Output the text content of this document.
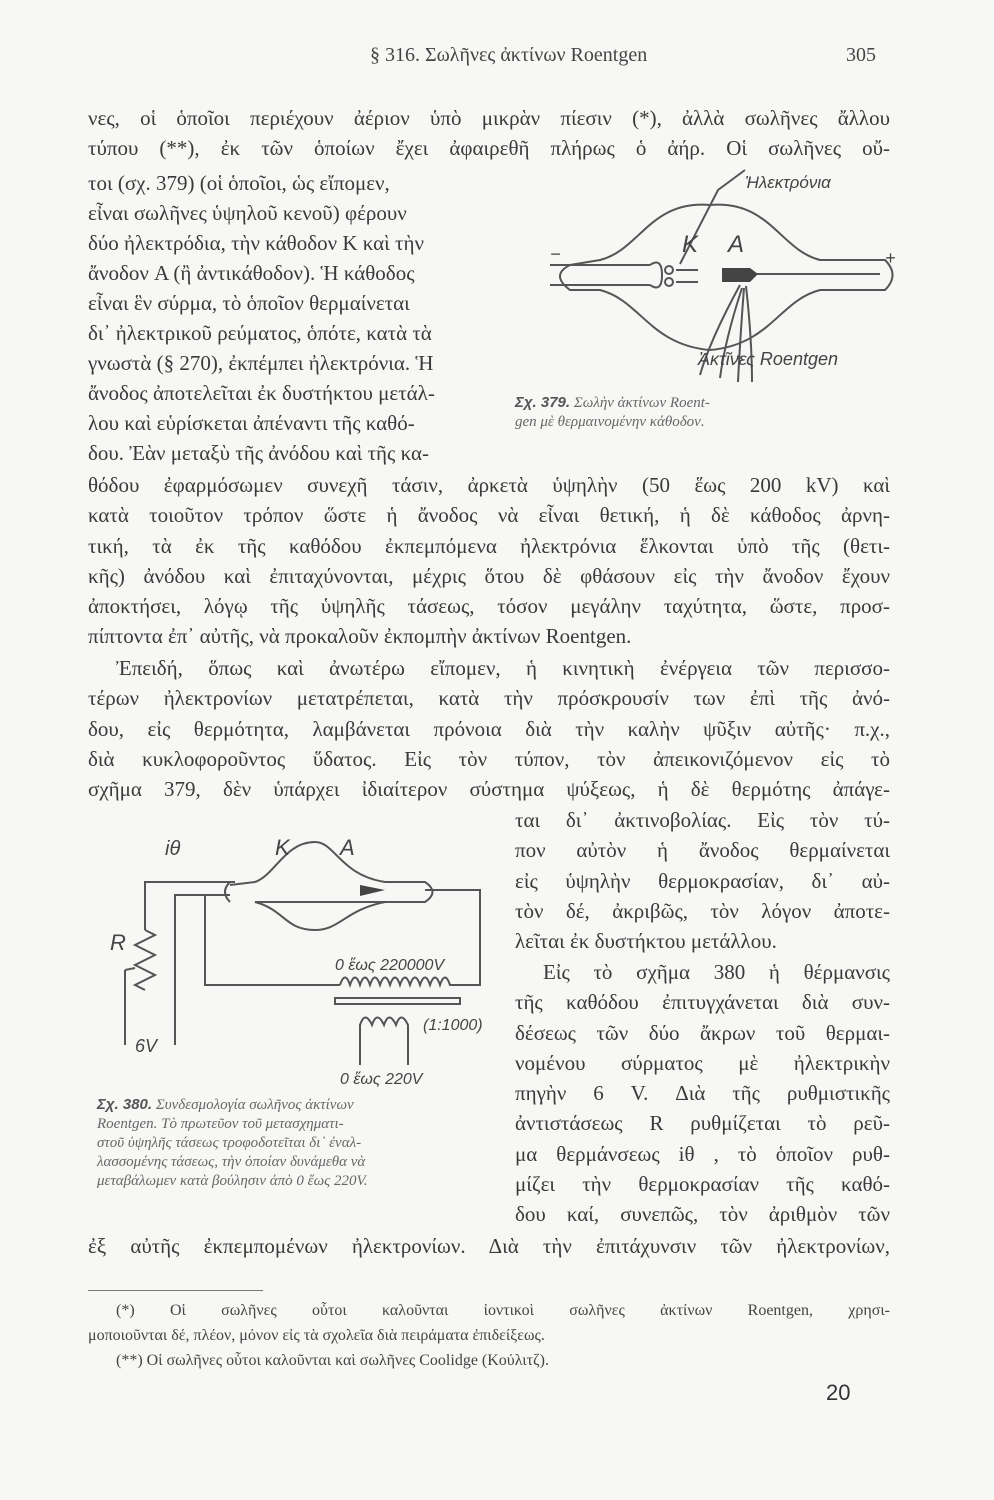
§ 316. Σωλῆνες ἀκτίνων Roentgen	305
νες, οἱ ὁποῖοι περιέχουν ἀέριον ὑπὸ μικρὰν πίεσιν (*), ἀλλὰ σωλῆνες ἄλλου
τύπου (**), ἐκ τῶν ὁποίων ἔχει ἀφαιρεθῆ πλήρως ὁ ἀήρ. Οἱ σωλῆνες οὔ-
τοι (σχ. 379) (οἱ ὁποῖοι, ὡς εἴπομεν,
εἶναι σωλῆνες ὑψηλοῦ κενοῦ) φέρουν
δύο ἠλεκτρόδια, τὴν κάθοδον K καὶ τὴν
ἄνοδον A (ἢ ἀντικάθοδον). Ἡ κάθοδος
εἶναι ἓν σύρμα, τὸ ὁποῖον θερμαίνεται
δι᾽ ἠλεκτρικοῦ ρεύματος, ὁπότε, κατὰ τὰ
γνωστὰ (§ 270), ἐκπέμπει ἠλεκτρόνια. Ἡ
ἄνοδος ἀποτελεῖται ἐκ δυστήκτου μετάλ-
λου καὶ εὑρίσκεται ἀπέναντι τῆς καθό-
δου. Ἐὰν μεταξὺ τῆς ἀνόδου καὶ τῆς κα-
θόδου ἐφαρμόσωμεν συνεχῆ τάσιν, ἀρκετὰ ὑψηλὴν (50 ἕως 200 kV) καὶ
κατὰ τοιοῦτον τρόπον ὥστε ἡ ἄνοδος νὰ εἶναι θετική, ἡ δὲ κάθοδος ἀρνη-
τική, τὰ ἐκ τῆς καθόδου ἐκπεμπόμενα ἠλεκτρόνια ἕλκονται ὑπὸ τῆς (θετι-
κῆς) ἀνόδου καὶ ἐπιταχύνονται, μέχρις ὅτου δὲ φθάσουν εἰς τὴν ἄνοδον ἔχουν
ἀποκτήσει, λόγῳ τῆς ὑψηλῆς τάσεως, τόσον μεγάλην ταχύτητα, ὥστε, προσ-
πίπτοντα ἐπ᾽ αὐτῆς, νὰ προκαλοῦν ἐκπομπὴν ἀκτίνων Roentgen.
Ἐπειδή, ὅπως καὶ ἀνωτέρω εἴπομεν, ἡ κινητικὴ ἐνέργεια τῶν περισσο-
τέρων ἠλεκτρονίων μετατρέπεται, κατὰ τὴν πρόσκρουσίν των ἐπὶ τῆς ἀνό-
δου, εἰς θερμότητα, λαμβάνεται πρόνοια διὰ τὴν καλὴν ψῦξιν αὐτῆς· π.χ.,
διὰ κυκλοφοροῦντος ὕδατος. Εἰς τὸν τύπον, τὸν ἀπεικονιζόμενον εἰς τὸ
σχῆμα 379, δὲν ὑπάρχει ἰδιαίτερον σύστημα ψύξεως, ἡ δὲ θερμότης ἀπάγε-
ται δι᾽ ἀκτινοβολίας. Εἰς τὸν τύ-
πον αὐτὸν ἡ ἄνοδος θερμαίνεται
εἰς ὑψηλὴν θερμοκρασίαν, δι᾽ αὐ-
τὸν δέ, ἀκριβῶς, τὸν λόγον ἀποτε-
λεῖται ἐκ δυστήκτου μετάλλου.
Εἰς τὸ σχῆμα 380 ἡ θέρμανσις
τῆς καθόδου ἐπιτυγχάνεται διὰ συν-
δέσεως τῶν δύο ἄκρων τοῦ θερμαι-
νομένου σύρματος μὲ ἠλεκτρικὴν
πηγὴν 6 V. Διὰ τῆς ρυθμιστικῆς
ἀντιστάσεως R ρυθμίζεται τὸ ρεῦ-
μα θερμάνσεως iθ , τὸ ὁποῖον ρυθ-
μίζει τὴν θερμοκρασίαν τῆς καθό-
δου καί, συνεπῶς, τὸν ἀριθμὸν τῶν
ἐξ αὐτῆς ἐκπεμπομένων ἠλεκτρονίων. Διὰ τὴν ἐπιτάχυνσιν τῶν ἠλεκτρονίων,
Ἠλεκτρόνια
K A
−	+
Ἀκτῖνες Roentgen
Σχ. 379. Σωλὴν ἀκτίνων Roent-
gen μὲ θερμαινομένην κάθοδον.
iθ	K A
R
0 ἕως 220000V
(1:1000)
6V
0 ἕως 220V
Σχ. 380. Συνδεσμολογία σωλῆνος ἀκτίνων
Roentgen. Τὸ πρωτεῦον τοῦ μετασχηματι-
στοῦ ὑψηλῆς τάσεως τροφοδοτεῖται δι᾽ ἐναλ-
λασσομένης τάσεως, τὴν ὁποίαν δυνάμεθα νὰ
μεταβάλωμεν κατὰ βούλησιν ἀπὸ 0 ἕως 220V.
(*) Οἱ σωλῆνες οὗτοι καλοῦνται ἰοντικοὶ σωλῆνες ἀκτίνων Roentgen, χρησι-
μοποιοῦνται δέ, πλέον, μόνον εἰς τὰ σχολεῖα διὰ πειράματα ἐπιδείξεως.
(**) Οἱ σωλῆνες οὗτοι καλοῦνται καὶ σωλῆνες Coolidge (Κούλιτζ).
20
